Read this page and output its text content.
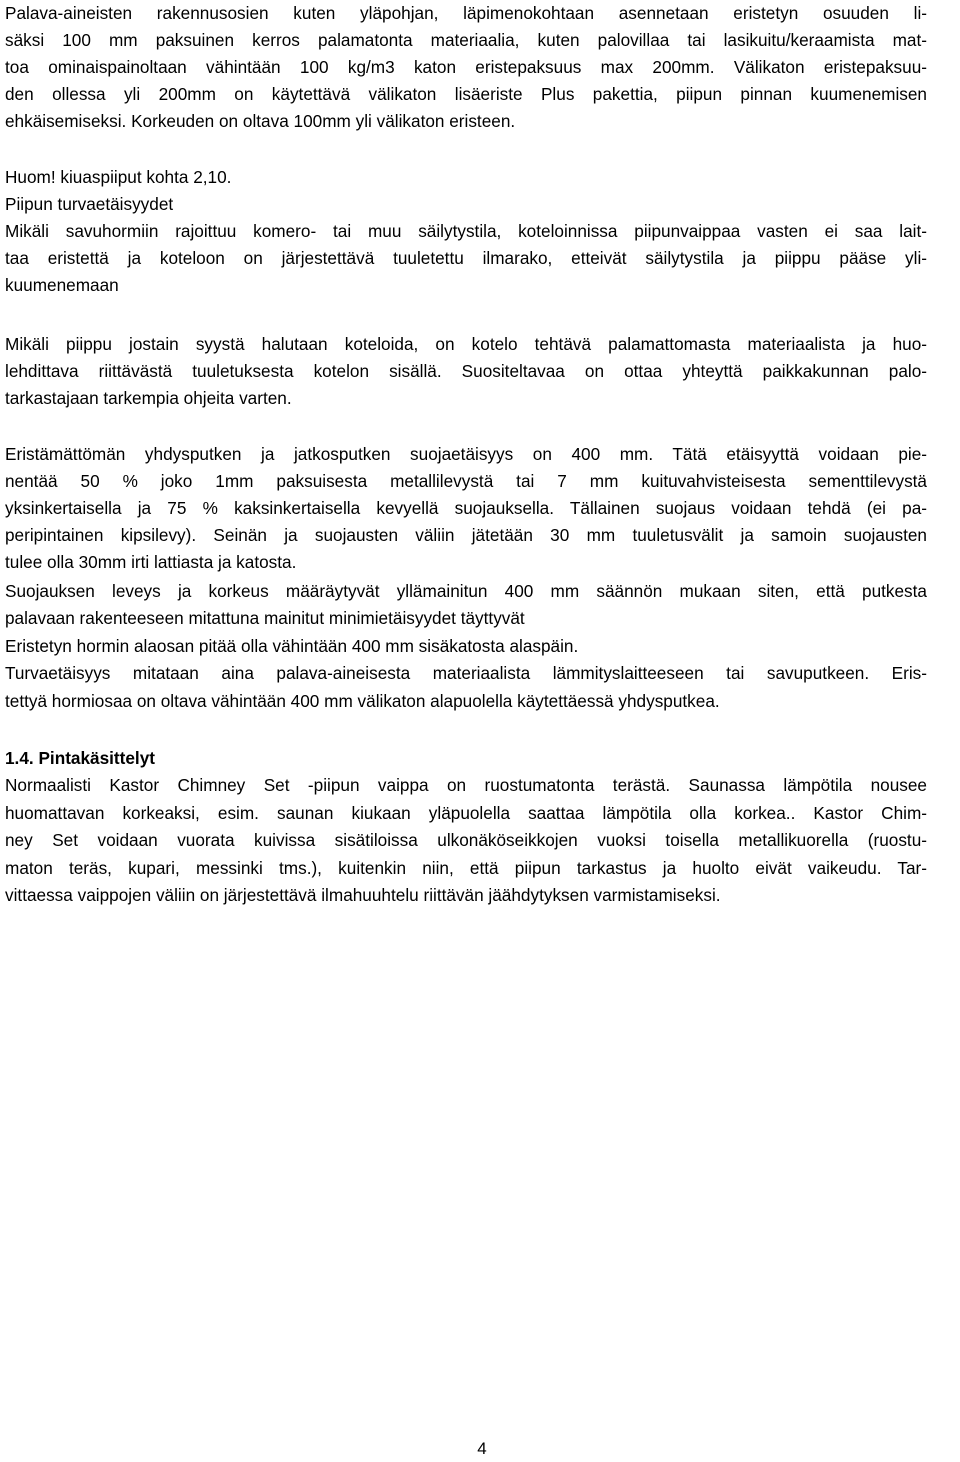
Palava-aineisten rakennusosien kuten yläpohjan, läpimenokohtaan asennetaan eristetyn osuuden li-
säksi 100 mm paksuinen kerros palamatonta materiaalia, kuten palovillaa tai lasikuitu/keraamista mat-
toa ominaispainoltaan vähintään 100 kg/m3 katon eristepaksuus max 200mm. Välikaton eristepaksuu-
den ollessa yli 200mm on käytettävä välikaton lisäeriste Plus pakettia, piipun pinnan kuumenemisen
ehkäisemiseksi. Korkeuden on oltava 100mm yli välikaton eristeen.
Huom! kiuaspiiput kohta 2,10.
Piipun turvaetäisyydet
Mikäli savuhormiin rajoittuu komero- tai muu säilytystila, koteloinnissa piipunvaippaa vasten ei saa lait-
taa eristettä ja koteloon on järjestettävä tuuletettu ilmarako, etteivät säilytystila ja piippu pääse yli-
kuumenemaan
Mikäli piippu jostain syystä halutaan koteloida, on kotelo tehtävä palamattomasta materiaalista ja huo-
lehdittava riittävästä tuuletuksesta kotelon sisällä. Suositeltavaa on ottaa yhteyttä paikkakunnan palo-
tarkastajaan tarkempia ohjeita varten.
Eristämättömän yhdysputken ja jatkosputken suojaetäisyys on 400 mm. Tätä etäisyyttä voidaan pie-
nentää 50 % joko 1mm paksuisesta metallilevystä tai 7 mm kuituvahvisteisesta sementtilevystä
yksinkertaisella ja 75 % kaksinkertaisella kevyellä suojauksella. Tällainen suojaus voidaan tehdä (ei pa-
peripintainen kipsilevy). Seinän ja suojausten väliin jätetään 30 mm tuuletusvälit ja samoin suojausten
tulee olla 30mm irti lattiasta ja katosta.
Suojauksen leveys ja korkeus määräytyvät yllämainitun 400 mm säännön mukaan siten, että putkesta
palavaan rakenteeseen mitattuna mainitut minimietäisyydet täyttyvät
Eristetyn hormin alaosan pitää olla vähintään 400 mm sisäkatosta alaspäin.
Turvaetäisyys mitataan aina palava-aineisesta materiaalista lämmityslaitteeseen tai savuputkeen. Eris-
tettyä hormiosaa on oltava vähintään 400 mm välikaton alapuolella käytettäessä yhdysputkea.
1.4. Pintakäsittelyt
Normaalisti Kastor Chimney Set -piipun vaippa on ruostumatonta terästä. Saunassa lämpötila nousee
huomattavan korkeaksi, esim. saunan kiukaan yläpuolella saattaa lämpötila olla korkea.. Kastor Chim-
ney Set voidaan vuorata kuivissa sisätiloissa ulkonäköseikkojen vuoksi toisella metallikuorella (ruostu-
maton teräs, kupari, messinki tms.), kuitenkin niin, että piipun tarkastus ja huolto eivät vaikeudu. Tar-
vittaessa vaippojen väliin on järjestettävä ilmahuuhtelu riittävän jäähdytyksen varmistamiseksi.
4
